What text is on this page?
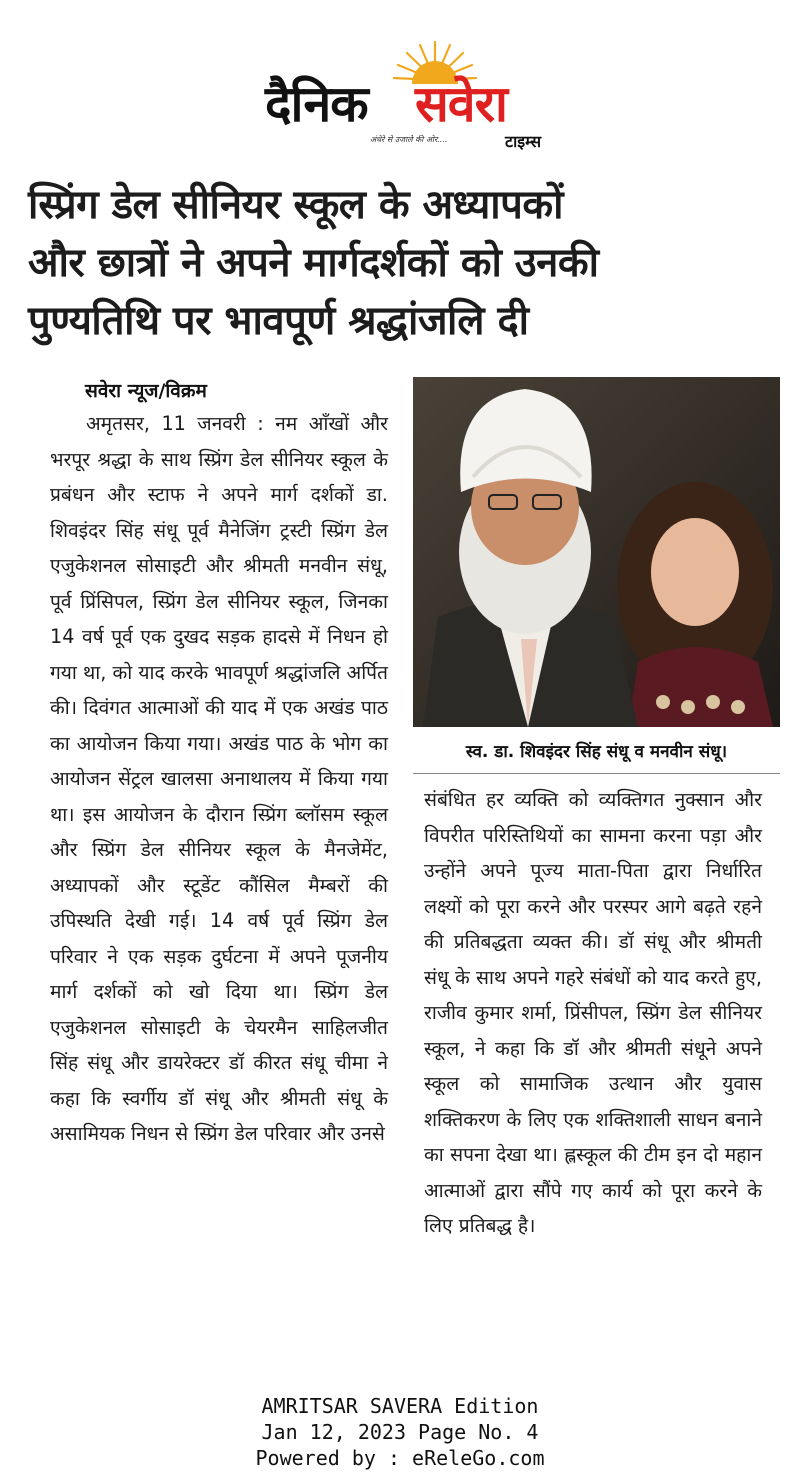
दैनिक सवेरा
अंधेरे से उजाले की ओर....	टाइम्स
स्प्रिंग डेल सीनियर स्कूल के अध्यापकों
और छात्रों ने अपने मार्गदर्शकों को उनकी
पुण्यतिथि पर भावपूर्ण श्रद्धांजलि दी
सवेरा न्यूज/विक्रम
अमृतसर, 11 जनवरी : नम आँखों और भरपूर श्रद्धा के साथ स्प्रिंग डेल सीनियर स्कूल के प्रबंधन और स्टाफ ने अपने मार्ग दर्शकों डा. शिवइंदर सिंह संधू पूर्व मैनेजिंग ट्रस्टी स्प्रिंग डेल एजुकेशनल सोसाइटी और श्रीमती मनवीन संधू, पूर्व प्रिंसिपल, स्प्रिंग डेल सीनियर स्कूल, जिनका 14 वर्ष पूर्व एक दुखद सड़क हादसे में निधन हो गया था, को याद करके भावपूर्ण श्रद्धांजलि अर्पित की। दिवंगत आत्माओं की याद में एक अखंड पाठ का आयोजन किया गया। अखंड पाठ के भोग का आयोजन सेंट्रल खालसा अनाथालय में किया गया था। इस आयोजन के दौरान स्प्रिंग ब्लॉसम स्कूल और स्प्रिंग डेल सीनियर स्कूल के मैनजेमेंट, अध्यापकों और स्टूडेंट कौंसिल मैम्बरों की उपिस्थति देखी गई। 14 वर्ष पूर्व स्प्रिंग डेल परिवार ने एक सड़क दुर्घटना में अपने पूजनीय मार्ग दर्शकों को खो दिया था। स्प्रिंग डेल एजुकेशनल सोसाइटी के चेयरमैन साहिलजीत सिंह संधू और डायरेक्टर डॉ कीरत संधू चीमा ने कहा कि स्वर्गीय डॉ संधू और श्रीमती संधू के असामियक निधन से स्प्रिंग डेल परिवार और उनसे
स्व. डा. शिवइंदर सिंह संधू व मनवीन संधू।
संबंधित हर व्यक्ति को व्यक्तिगत नुक्सान और विपरीत परिस्तिथियों का सामना करना पड़ा और उन्होंने अपने पूज्य माता-पिता द्वारा निर्धारित लक्ष्यों को पूरा करने और परस्पर आगे बढ़ते रहने की प्रतिबद्धता व्यक्त की। डॉ संधू और श्रीमती संधू के साथ अपने गहरे संबंधों को याद करते हुए, राजीव कुमार शर्मा, प्रिंसीपल, स्प्रिंग डेल सीनियर स्कूल, ने कहा कि डॉ और श्रीमती संधूने अपने स्कूल को सामाजिक उत्थान और युवास शक्तिकरण के लिए एक शक्तिशाली साधन बनाने का सपना देखा था। ह्लस्कूल की टीम इन दो महान आत्माओं द्वारा सौंपे गए कार्य को पूरा करने के लिए प्रतिबद्ध है।
AMRITSAR SAVERA Edition
Jan 12, 2023 Page No. 4
Powered by : eReleGo.com
